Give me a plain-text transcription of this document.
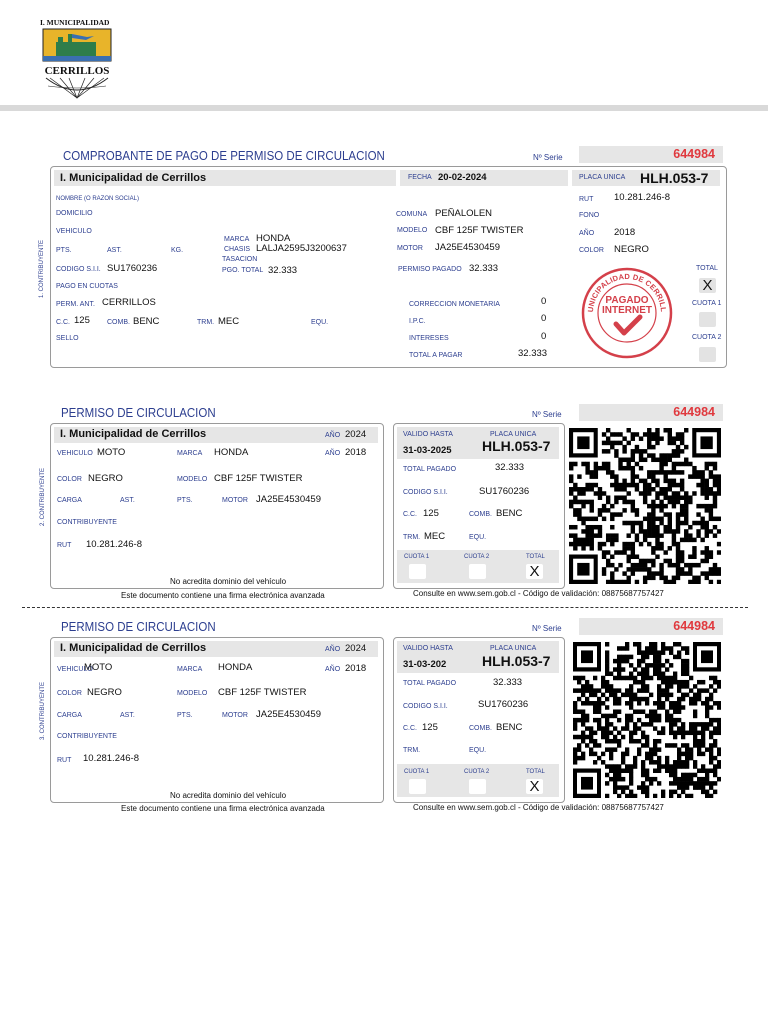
I. MUNICIPALIDAD
CERRILLOS
COMPROBANTE DE PAGO DE PERMISO DE CIRCULACION	Nº Serie	644984
I. Municipalidad de Cerrillos
1. CONTRIBUYENTE
FECHA 20-02-2024	PLACA UNICA HLH.053-7
NOMBRE (O RAZON SOCIAL)	RUT 10.281.246-8
DOMICILIO	COMUNA PEÑALOLEN	FONO
VEHICULO
MARCA HONDA
MODELO CBF 125F TWISTER	AÑO 2018
PTS.	AST.	KG.	CHASIS LALJA2595J3200637	MOTOR JA25E4530459	COLOR NEGRO
TASACION
CODIGO S.I.I. SU1760236	PGO. TOTAL 32.333	PERMISO PAGADO 32.333	TOTAL
X
PAGO EN CUOTAS
PERM. ANT. CERRILLOS	CORRECCION MONETARIA	0	CUOTA 1
C.C. 125 COMB. BENC	TRM. MEC	EQU.	I.P.C.	0
SELLO	INTERESES	0	CUOTA 2
TOTAL A PAGAR	32.333
UNICIPALIDAD DE CERRILL
PAGADO
INTERNET
PERMISO DE CIRCULACION	Nº Serie	644984
I. Municipalidad de Cerrillos	AÑO 2024
2. CONTRIBUYENTE
VEHICULO MOTO	MARCA HONDA	AÑO 2018
COLOR NEGRO	MODELO CBF 125F TWISTER
CARGA	AST.	PTS.	MOTOR JA25E4530459
CONTRIBUYENTE
RUT 10.281.246-8
No acredita dominio del vehículo
Este documento contiene una firma electrónica avanzada
VALIDO HASTA
31-03-2025
PLACA UNICA
HLH.053-7
TOTAL PAGADO	32.333
CODIGO S.I.I.	SU1760236
C.C. 125	COMB. BENC
TRM. MEC	EQU.
CUOTA 1	CUOTA 2	TOTAL
X
Consulte en www.sem.gob.cl - Código de validación: 08875687757427
PERMISO DE CIRCULACION	Nº Serie	644984
I. Municipalidad de Cerrillos	AÑO 2024
3. CONTRIBUYENTE
VEHICULO
MOTO	MARCA HONDA	AÑO 2018
COLOR NEGRO	MODELO CBF 125F TWISTER
CARGA	AST.	PTS.	MOTOR JA25E4530459
CONTRIBUYENTE
RUT 10.281.246-8
No acredita dominio del vehículo
Este documento contiene una firma electrónica avanzada
VALIDO HASTA
31-03-202
PLACA UNICA
HLH.053-7
TOTAL PAGADO	32.333
CODIGO S.I.I.	SU1760236
C.C. 125	COMB. BENC
TRM.	EQU.
CUOTA 1	CUOTA 2	TOTAL
X
Consulte en www.sem.gob.cl - Código de validación: 08875687757427
